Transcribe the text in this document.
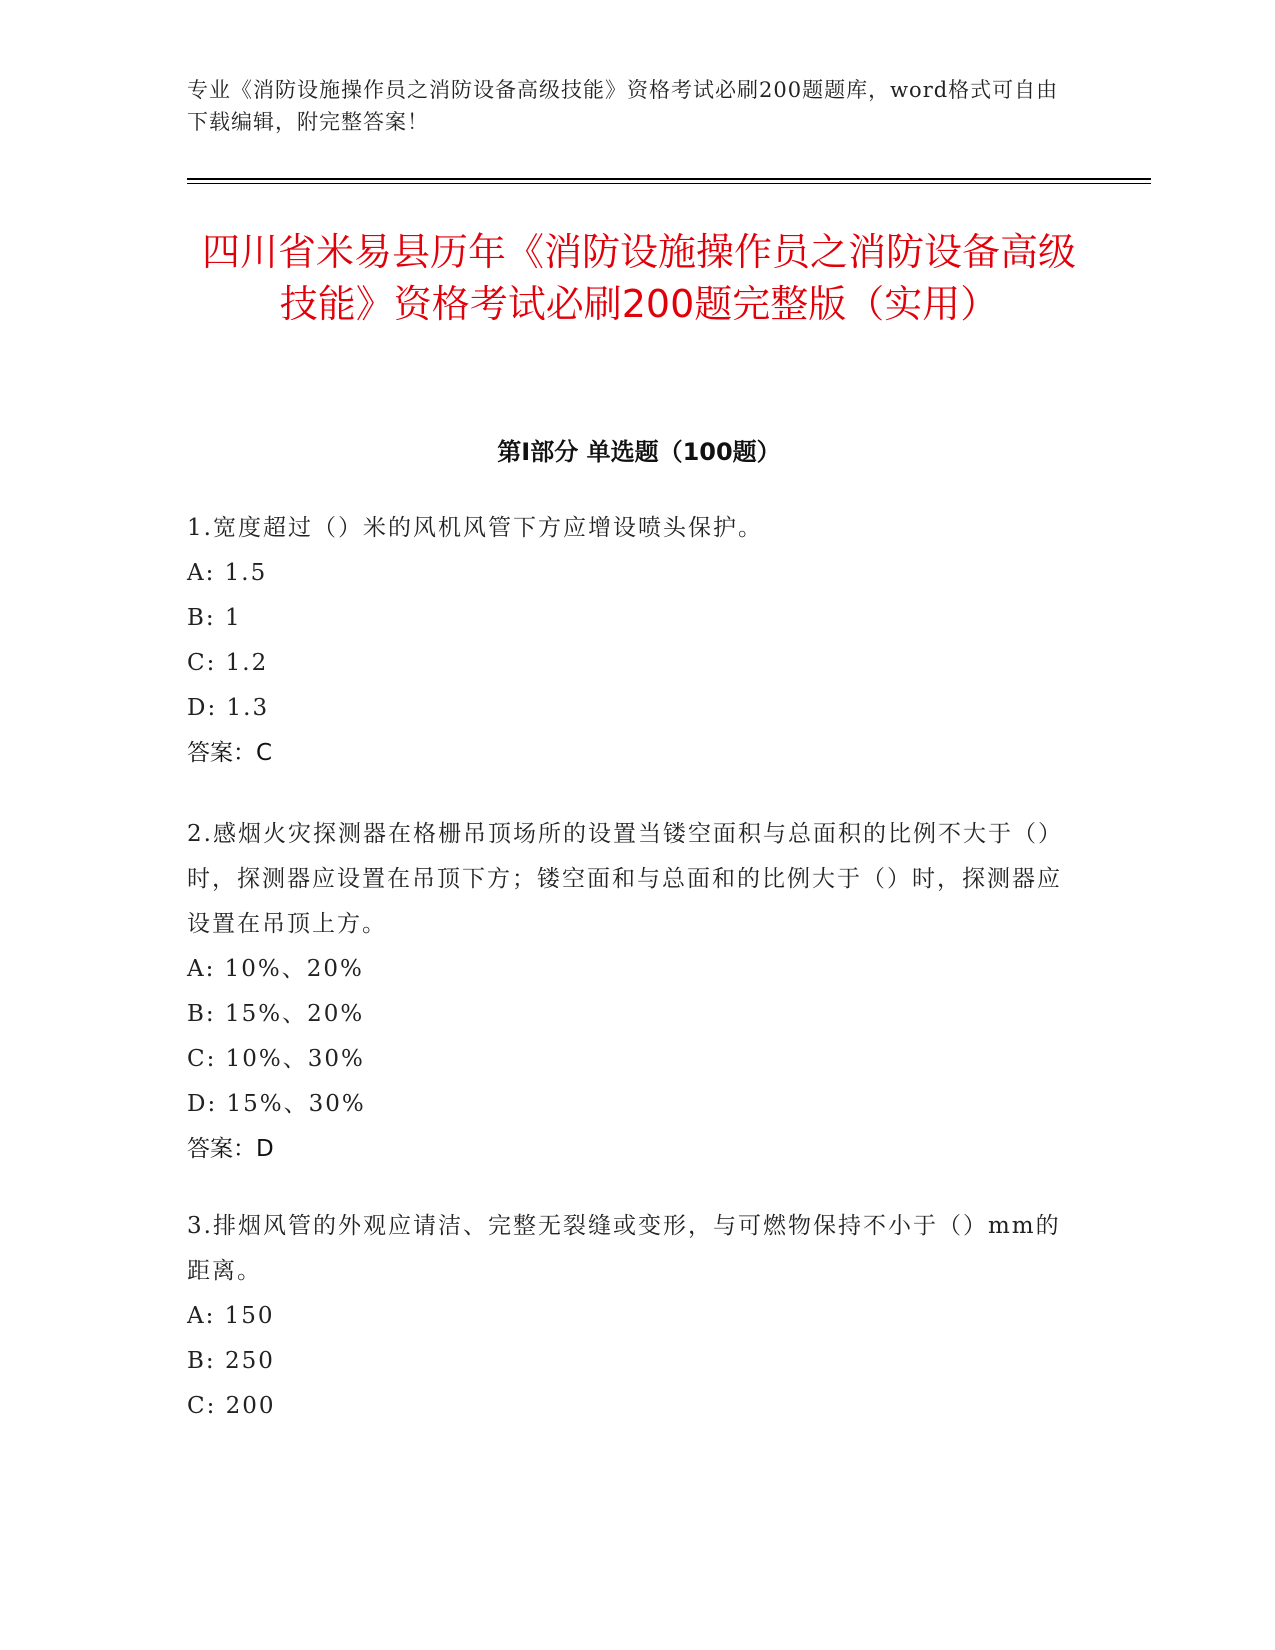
专业《消防设施操作员之消防设备高级技能》资格考试必刷200题题库，word格式可自由下载编辑，附完整答案！
四川省米易县历年《消防设施操作员之消防设备高级技能》资格考试必刷200题完整版（实用）
第Ⅰ部分 单选题（100题）
1.宽度超过（）米的风机风管下方应增设喷头保护。
A: 1.5
B: 1
C: 1.2
D: 1.3
答案：C
2.感烟火灾探测器在格栅吊顶场所的设置当镂空面积与总面积的比例不大于（）时，探测器应设置在吊顶下方；镂空面和与总面和的比例大于（）时，探测器应设置在吊顶上方。
A: 10%、20%
B: 15%、20%
C: 10%、30%
D: 15%、30%
答案：D
3.排烟风管的外观应请洁、完整无裂缝或变形，与可燃物保持不小于（）mm的距离。
A: 150
B: 250
C: 200
